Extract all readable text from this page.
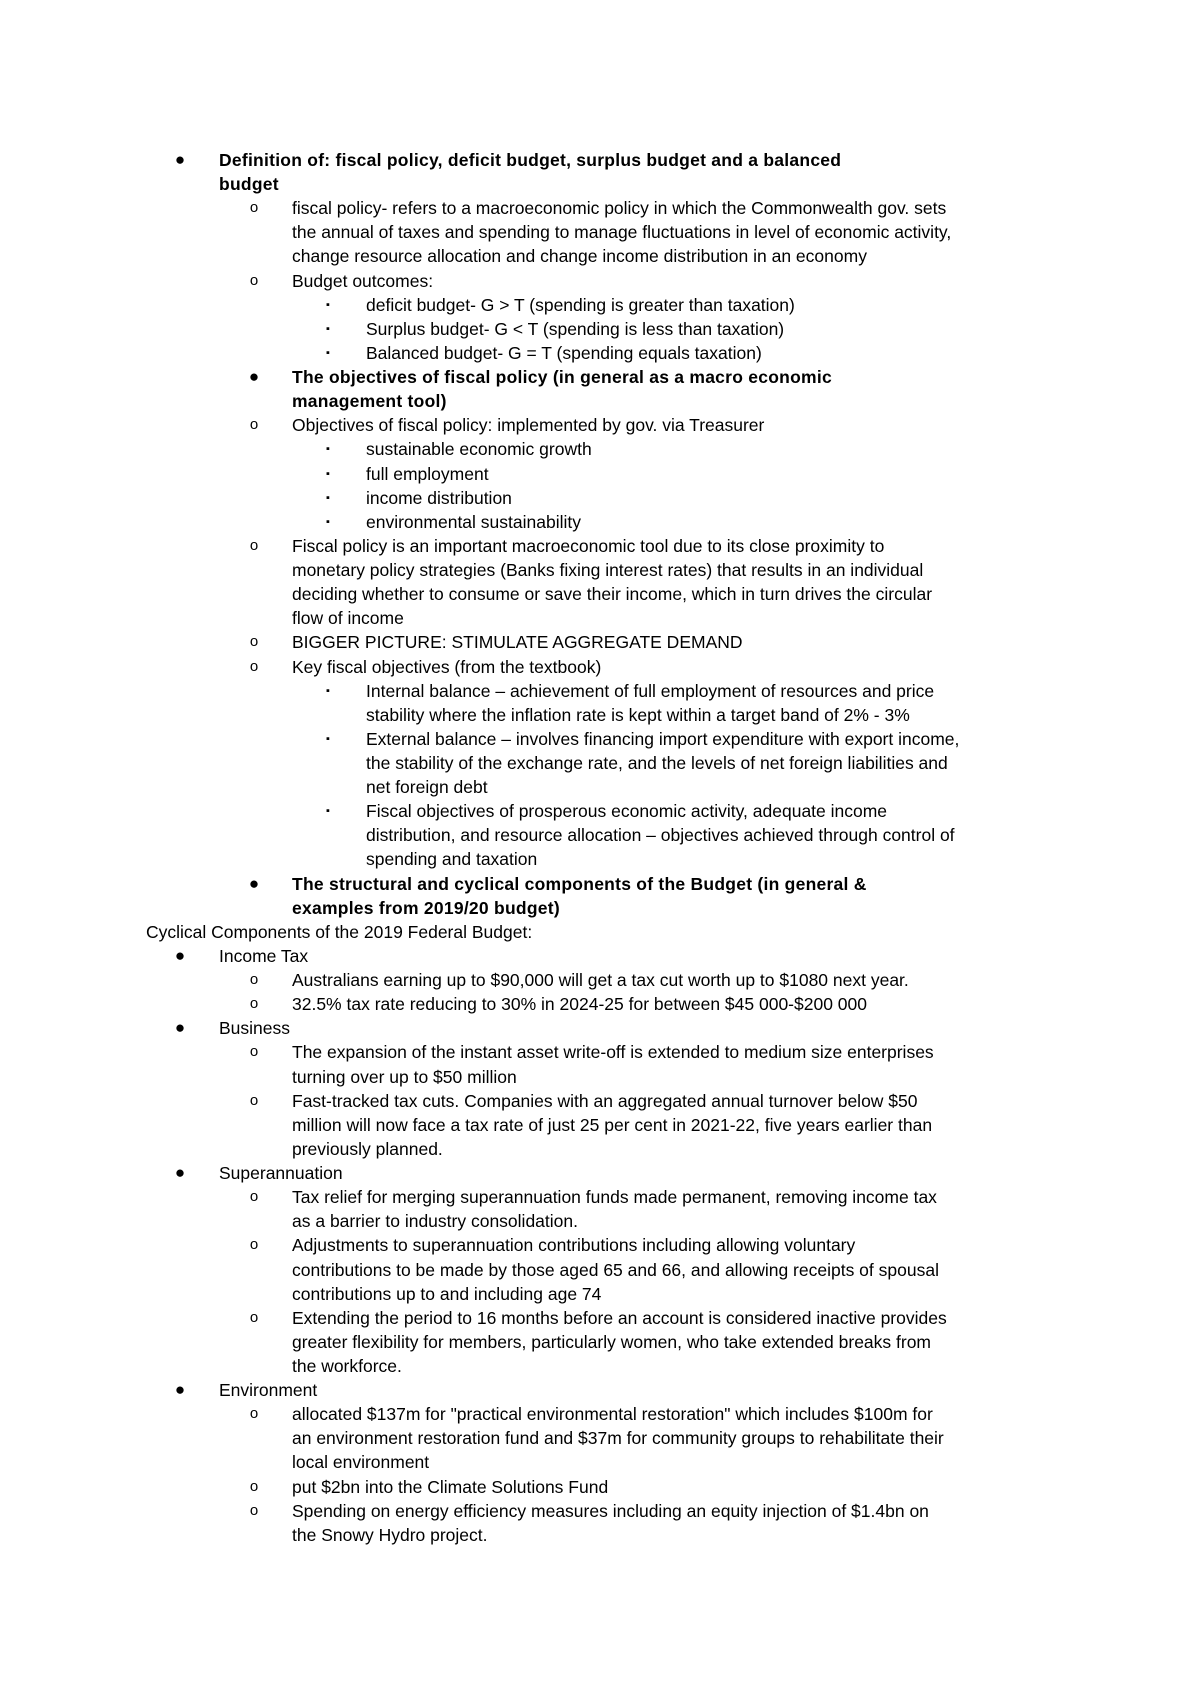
● Definition of: fiscal policy, deficit budget, surplus budget and a balanced
budget
o fiscal policy- refers to a macroeconomic policy in which the Commonwealth gov. sets
the annual of taxes and spending to manage fluctuations in level of economic activity,
change resource allocation and change income distribution in an economy
o Budget outcomes:
▪	deficit budget- G > T (spending is greater than taxation)
▪	Surplus budget- G < T (spending is less than taxation)
▪	Balanced budget- G = T (spending equals taxation)
● The objectives of fiscal policy (in general as a macro economic
management tool)
o Objectives of fiscal policy: implemented by gov. via Treasurer
▪	sustainable economic growth
▪	full employment
▪	income distribution
▪	environmental sustainability
o Fiscal policy is an important macroeconomic tool due to its close proximity to
monetary policy strategies (Banks fixing interest rates) that results in an individual
deciding whether to consume or save their income, which in turn drives the circular
flow of income
o BIGGER PICTURE: STIMULATE AGGREGATE DEMAND
o Key fiscal objectives (from the textbook)
▪	Internal balance – achievement of full employment of resources and price
stability where the inflation rate is kept within a target band of 2% - 3%
▪	External balance – involves financing import expenditure with export income,
the stability of the exchange rate, and the levels of net foreign liabilities and
net foreign debt
▪	Fiscal objectives of prosperous economic activity, adequate income
distribution, and resource allocation – objectives achieved through control of
spending and taxation
● The structural and cyclical components of the Budget (in general &
examples from 2019/20 budget)
Cyclical Components of the 2019 Federal Budget:
● Income Tax
o Australians earning up to $90,000 will get a tax cut worth up to $1080 next year.
o 32.5% tax rate reducing to 30% in 2024-25 for between $45 000-$200 000
● Business
o The expansion of the instant asset write-off is extended to medium size enterprises
turning over up to $50 million
o Fast-tracked tax cuts. Companies with an aggregated annual turnover below $50
million will now face a tax rate of just 25 per cent in 2021-22, five years earlier than
previously planned.
● Superannuation
o Tax relief for merging superannuation funds made permanent, removing income tax
as a barrier to industry consolidation.
o Adjustments to superannuation contributions including allowing voluntary
contributions to be made by those aged 65 and 66, and allowing receipts of spousal
contributions up to and including age 74
o Extending the period to 16 months before an account is considered inactive provides
greater flexibility for members, particularly women, who take extended breaks from
the workforce.
● Environment
o allocated $137m for "practical environmental restoration" which includes $100m for
an environment restoration fund and $37m for community groups to rehabilitate their
local environment
o put $2bn into the Climate Solutions Fund
o Spending on energy efficiency measures including an equity injection of $1.4bn on
the Snowy Hydro project.
